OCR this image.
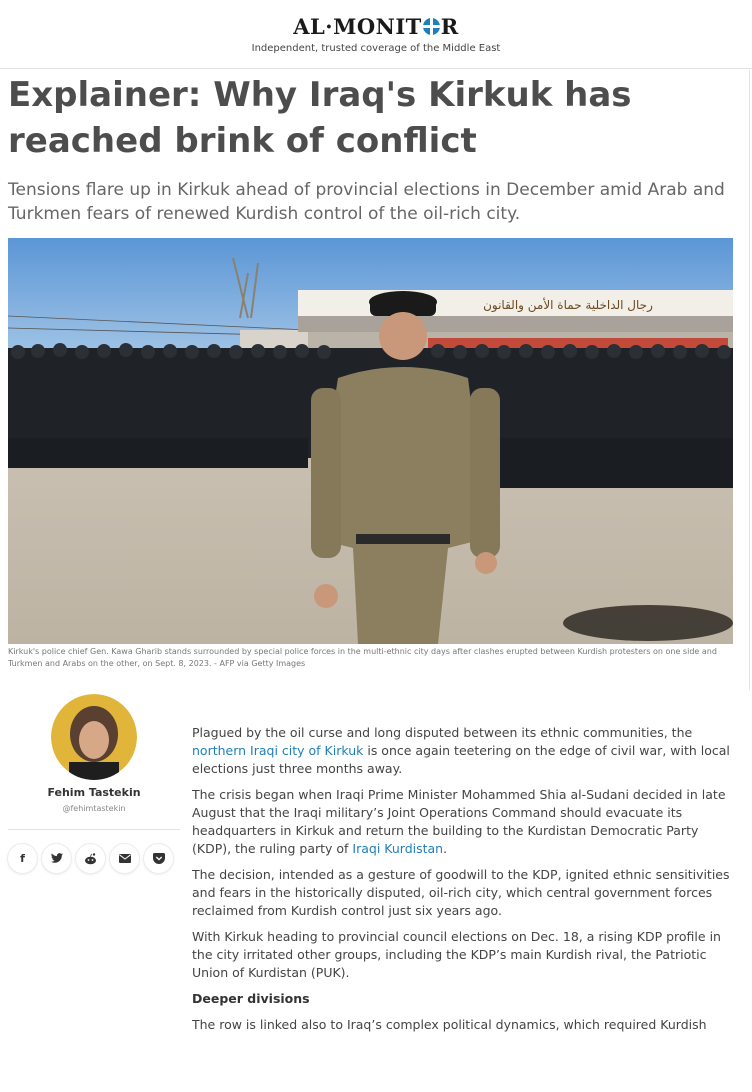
AL·MONIT R
Independent, trusted coverage of the Middle East
Explainer: Why Iraq's Kirkuk has reached brink of conflict
Tensions flare up in Kirkuk ahead of provincial elections in December amid Arab and Turkmen fears of renewed Kurdish control of the oil-rich city.
رجال الداخلية حماة الأمن والقانون
Kirkuk's police chief Gen. Kawa Gharib stands surrounded by special police forces in the multi-ethnic city days after clashes erupted between Kurdish protesters on one side and Turkmen and Arabs on the other, on Sept. 8, 2023. - AFP via Getty Images
Fehim Tastekin
@fehimtastekin
f

Plagued by the oil curse and long disputed between its ethnic communities, the northern Iraqi city of Kirkuk is once again teetering on the edge of civil war, with local elections just three months away.

The crisis began when Iraqi Prime Minister Mohammed Shia al-Sudani decided in late August that the Iraqi military’s Joint Operations Command should evacuate its headquarters in Kirkuk and return the building to the Kurdistan Democratic Party (KDP), the ruling party of Iraqi Kurdistan.

The decision, intended as a gesture of goodwill to the KDP, ignited ethnic sensitivities and fears in the historically disputed, oil-rich city, which central government forces reclaimed from Kurdish control just six years ago.

With Kirkuk heading to provincial council elections on Dec. 18, a rising KDP profile in the city irritated other groups, including the KDP’s main Kurdish rival, the Patriotic Union of Kurdistan (PUK).

Deeper divisions

The row is linked also to Iraq’s complex political dynamics, which required Kurdish
